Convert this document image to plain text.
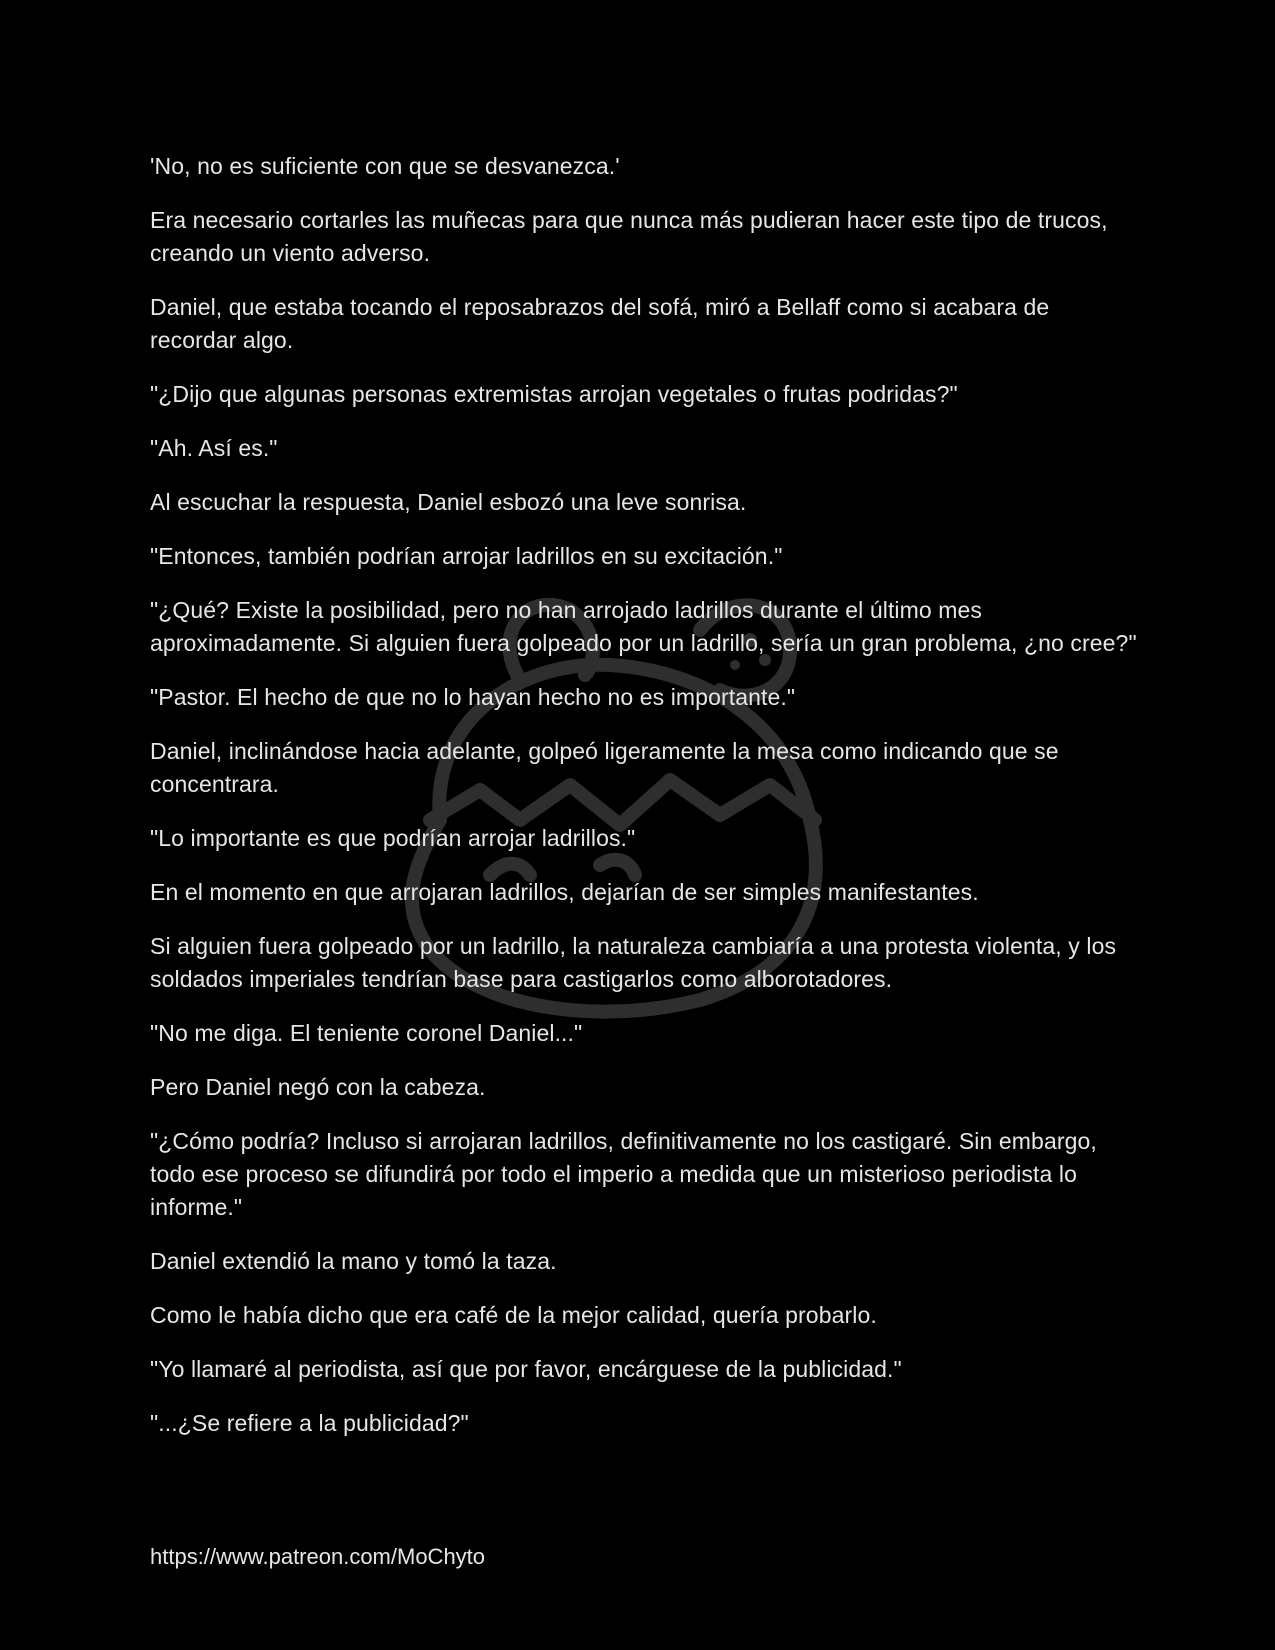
'No, no es suficiente con que se desvanezca.'

Era necesario cortarles las muñecas para que nunca más pudieran hacer este tipo de trucos, creando un viento adverso.

Daniel, que estaba tocando el reposabrazos del sofá, miró a Bellaff como si acabara de recordar algo.

"¿Dijo que algunas personas extremistas arrojan vegetales o frutas podridas?"

"Ah. Así es."

Al escuchar la respuesta, Daniel esbozó una leve sonrisa.

"Entonces, también podrían arrojar ladrillos en su excitación."

"¿Qué? Existe la posibilidad, pero no han arrojado ladrillos durante el último mes aproximadamente. Si alguien fuera golpeado por un ladrillo, sería un gran problema, ¿no cree?"

"Pastor. El hecho de que no lo hayan hecho no es importante."

Daniel, inclinándose hacia adelante, golpeó ligeramente la mesa como indicando que se concentrara.

"Lo importante es que podrían arrojar ladrillos."

En el momento en que arrojaran ladrillos, dejarían de ser simples manifestantes.

Si alguien fuera golpeado por un ladrillo, la naturaleza cambiaría a una protesta violenta, y los soldados imperiales tendrían base para castigarlos como alborotadores.

"No me diga. El teniente coronel Daniel..."

Pero Daniel negó con la cabeza.

"¿Cómo podría? Incluso si arrojaran ladrillos, definitivamente no los castigaré. Sin embargo, todo ese proceso se difundirá por todo el imperio a medida que un misterioso periodista lo informe."

Daniel extendió la mano y tomó la taza.

Como le había dicho que era café de la mejor calidad, quería probarlo.

"Yo llamaré al periodista, así que por favor, encárguese de la publicidad."

"...¿Se refiere a la publicidad?"

https://www.patreon.com/MoChyto
